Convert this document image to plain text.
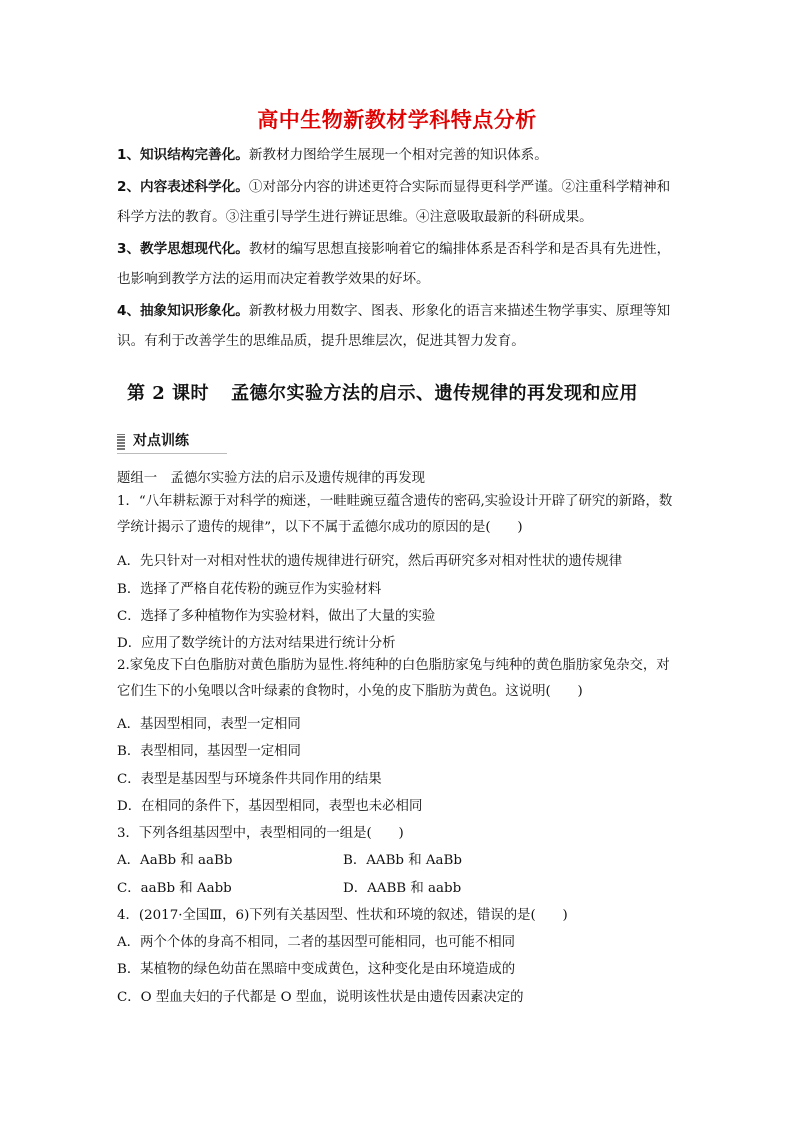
高中生物新教材学科特点分析

1、知识结构完善化。新教材力图给学生展现一个相对完善的知识体系。

2、内容表述科学化。①对部分内容的讲述更符合实际而显得更科学严谨。②注重科学精神和科学方法的教育。③注重引导学生进行辨证思维。④注意吸取最新的科研成果。

3、教学思想现代化。教材的编写思想直接影响着它的编排体系是否科学和是否具有先进性，也影响到教学方法的运用而决定着教学效果的好坏。

4、抽象知识形象化。新教材极力用数字、图表、形象化的语言来描述生物学事实、原理等知识。有利于改善学生的思维品质，提升思维层次，促进其智力发育。

第 2 课时 孟德尔实验方法的启示、遗传规律的再发现和应用
对点训练

题组一　孟德尔实验方法的启示及遗传规律的再发现

1．“八年耕耘源于对科学的痴迷，一畦畦豌豆蕴含遗传的密码,实验设计开辟了研究的新路，数学统计揭示了遗传的规律”，以下不属于孟德尔成功的原因的是(　　)

A．先只针对一对相对性状的遗传规律进行研究，然后再研究多对相对性状的遗传规律

B．选择了严格自花传粉的豌豆作为实验材料

C．选择了多种植物作为实验材料，做出了大量的实验

D．应用了数学统计的方法对结果进行统计分析

2.家兔皮下白色脂肪对黄色脂肪为显性.将纯种的白色脂肪家兔与纯种的黄色脂肪家兔杂交，对它们生下的小兔喂以含叶绿素的食物时，小兔的皮下脂肪为黄色。这说明(　　)

A．基因型相同，表型一定相同

B．表型相同，基因型一定相同

C．表型是基因型与环境条件共同作用的结果

D．在相同的条件下，基因型相同，表型也未必相同

3．下列各组基因型中，表型相同的一组是(　　)

A．AaBb 和 aaBb	B．AABb 和 AaBb
C．aaBb 和 Aabb	D．AABB 和 aabb

4．(2017·全国Ⅲ，6)下列有关基因型、性状和环境的叙述，错误的是(　　)

A．两个个体的身高不相同，二者的基因型可能相同，也可能不相同

B．某植物的绿色幼苗在黑暗中变成黄色，这种变化是由环境造成的

C．O 型血夫妇的子代都是 O 型血，说明该性状是由遗传因素决定的
